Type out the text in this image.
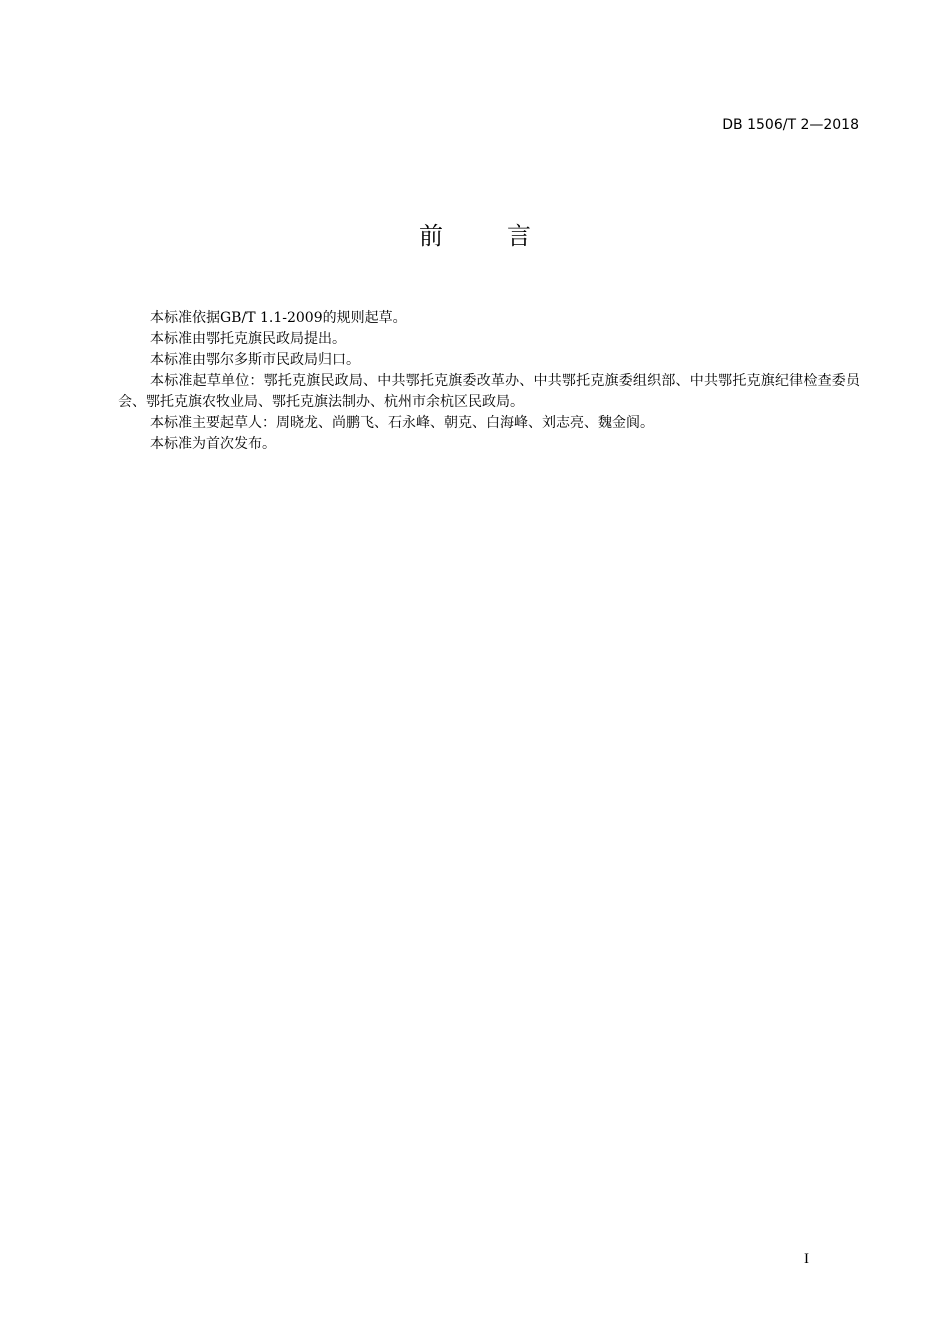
DB 1506/T 2—2018
前	言

本标准依据GB/T 1.1-2009的规则起草。

本标准由鄂托克旗民政局提出。

本标准由鄂尔多斯市民政局归口。

本标准起草单位：鄂托克旗民政局、中共鄂托克旗委改革办、中共鄂托克旗委组织部、中共鄂托克旗纪律检查委员会、鄂托克旗农牧业局、鄂托克旗法制办、杭州市余杭区民政局。

本标准主要起草人：周晓龙、尚鹏飞、石永峰、朝克、白海峰、刘志亮、魏金阆。

本标准为首次发布。

I
